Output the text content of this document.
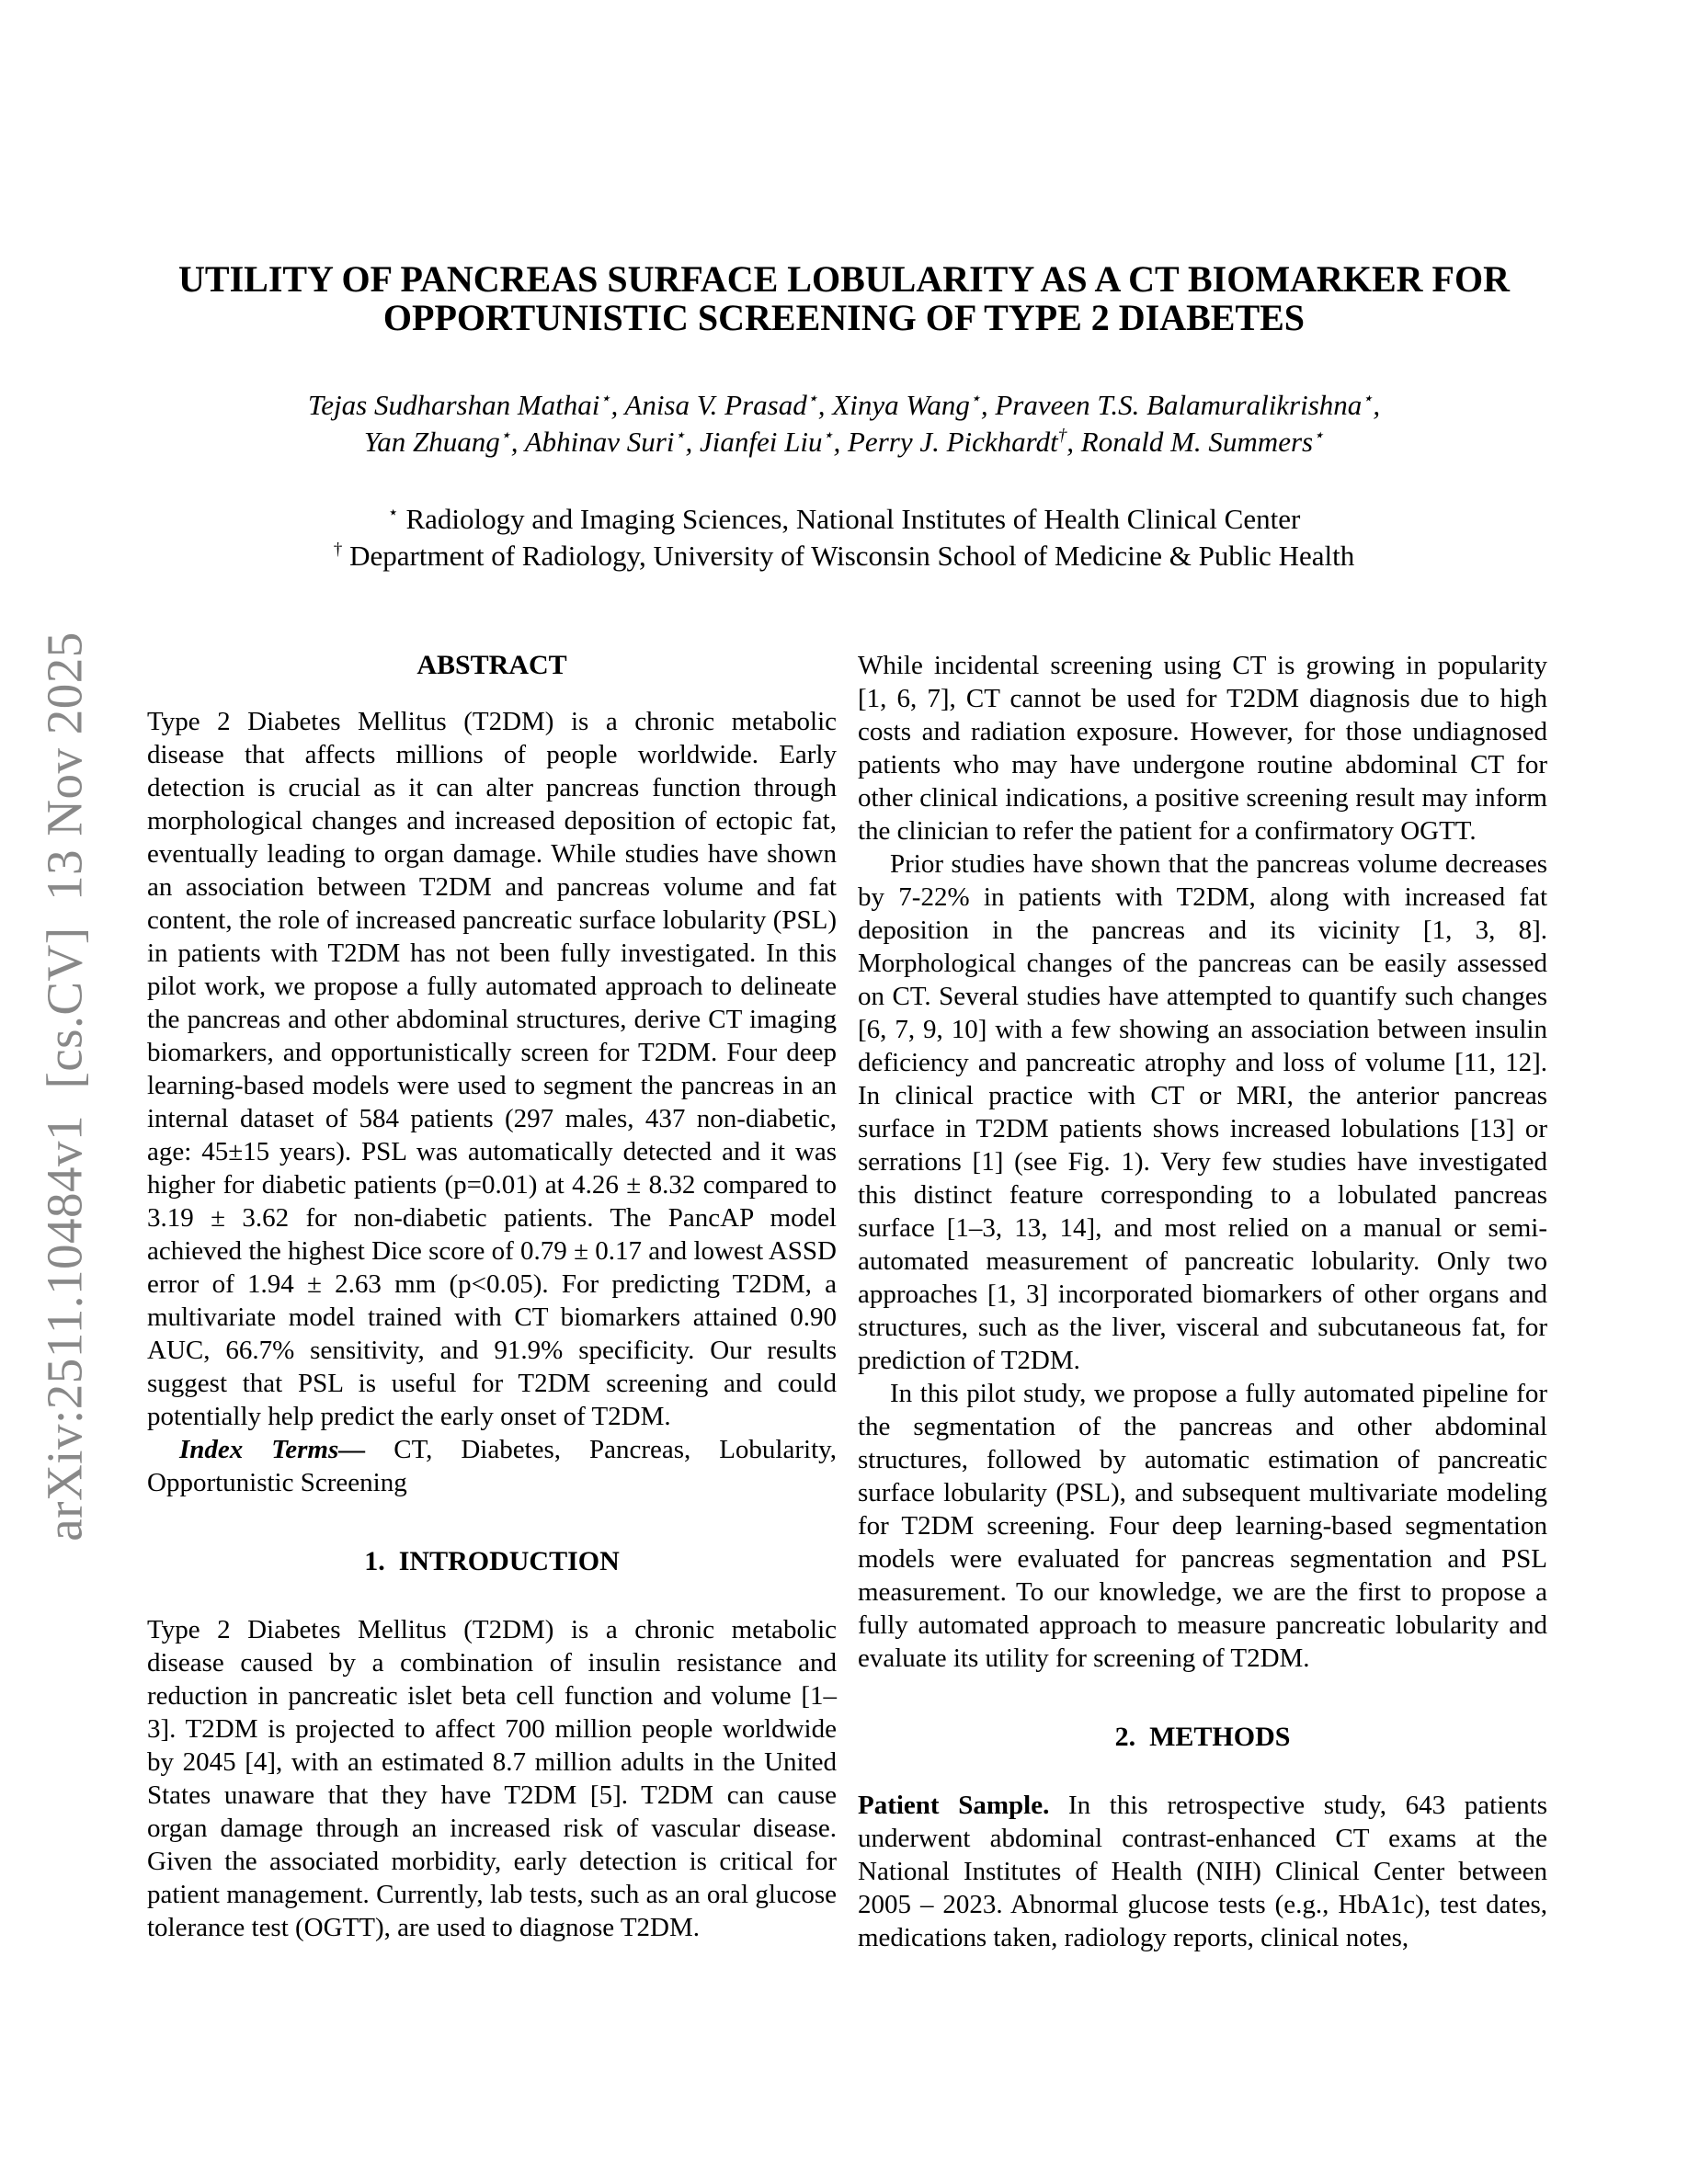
arXiv:2511.10484v1  [cs.CV]  13 Nov 2025
UTILITY OF PANCREAS SURFACE LOBULARITY AS A CT BIOMARKER FOR
OPPORTUNISTIC SCREENING OF TYPE 2 DIABETES
Tejas Sudharshan Mathai⋆, Anisa V. Prasad⋆, Xinya Wang⋆, Praveen T.S. Balamuralikrishna⋆,
Yan Zhuang⋆, Abhinav Suri⋆, Jianfei Liu⋆, Perry J. Pickhardt†, Ronald M. Summers⋆
⋆ Radiology and Imaging Sciences, National Institutes of Health Clinical Center
† Department of Radiology, University of Wisconsin School of Medicine & Public Health
ABSTRACT

Type 2 Diabetes Mellitus (T2DM) is a chronic metabolic disease that affects millions of people worldwide. Early detection is crucial as it can alter pancreas function through morphological changes and increased deposition of ectopic fat, eventually leading to organ damage. While studies have shown an association between T2DM and pancreas volume and fat content, the role of increased pancreatic surface lobularity (PSL) in patients with T2DM has not been fully investigated. In this pilot work, we propose a fully automated approach to delineate the pancreas and other abdominal structures, derive CT imaging biomarkers, and opportunistically screen for T2DM. Four deep learning-based models were used to segment the pancreas in an internal dataset of 584 patients (297 males, 437 non-diabetic, age: 45±15 years). PSL was automatically detected and it was higher for diabetic patients (p=0.01) at 4.26 ± 8.32 compared to 3.19 ± 3.62 for non-diabetic patients. The PancAP model achieved the highest Dice score of 0.79 ± 0.17 and lowest ASSD error of 1.94 ± 2.63 mm (p<0.05). For predicting T2DM, a multivariate model trained with CT biomarkers attained 0.90 AUC, 66.7% sensitivity, and 91.9% specificity. Our results suggest that PSL is useful for T2DM screening and could potentially help predict the early onset of T2DM.

Index Terms— CT, Diabetes, Pancreas, Lobularity, Opportunistic Screening

1.  INTRODUCTION

Type 2 Diabetes Mellitus (T2DM) is a chronic metabolic disease caused by a combination of insulin resistance and reduction in pancreatic islet beta cell function and volume [1–3]. T2DM is projected to affect 700 million people worldwide by 2045 [4], with an estimated 8.7 million adults in the United States unaware that they have T2DM [5]. T2DM can cause organ damage through an increased risk of vascular disease. Given the associated morbidity, early detection is critical for patient management. Currently, lab tests, such as an oral glucose tolerance test (OGTT), are used to diagnose T2DM.

While incidental screening using CT is growing in popularity [1, 6, 7], CT cannot be used for T2DM diagnosis due to high costs and radiation exposure. However, for those undiagnosed patients who may have undergone routine abdominal CT for other clinical indications, a positive screening result may inform the clinician to refer the patient for a confirmatory OGTT.

Prior studies have shown that the pancreas volume decreases by 7-22% in patients with T2DM, along with increased fat deposition in the pancreas and its vicinity [1, 3, 8]. Morphological changes of the pancreas can be easily assessed on CT. Several studies have attempted to quantify such changes [6, 7, 9, 10] with a few showing an association between insulin deficiency and pancreatic atrophy and loss of volume [11, 12]. In clinical practice with CT or MRI, the anterior pancreas surface in T2DM patients shows increased lobulations [13] or serrations [1] (see Fig. 1). Very few studies have investigated this distinct feature corresponding to a lobulated pancreas surface [1–3, 13, 14], and most relied on a manual or semi-automated measurement of pancreatic lobularity. Only two approaches [1, 3] incorporated biomarkers of other organs and structures, such as the liver, visceral and subcutaneous fat, for prediction of T2DM.

In this pilot study, we propose a fully automated pipeline for the segmentation of the pancreas and other abdominal structures, followed by automatic estimation of pancreatic surface lobularity (PSL), and subsequent multivariate modeling for T2DM screening. Four deep learning-based segmentation models were evaluated for pancreas segmentation and PSL measurement. To our knowledge, we are the first to propose a fully automated approach to measure pancreatic lobularity and evaluate its utility for screening of T2DM.

2.  METHODS

Patient Sample. In this retrospective study, 643 patients underwent abdominal contrast-enhanced CT exams at the National Institutes of Health (NIH) Clinical Center between 2005 – 2023. Abnormal glucose tests (e.g., HbA1c), test dates, medications taken, radiology reports, clinical notes,
